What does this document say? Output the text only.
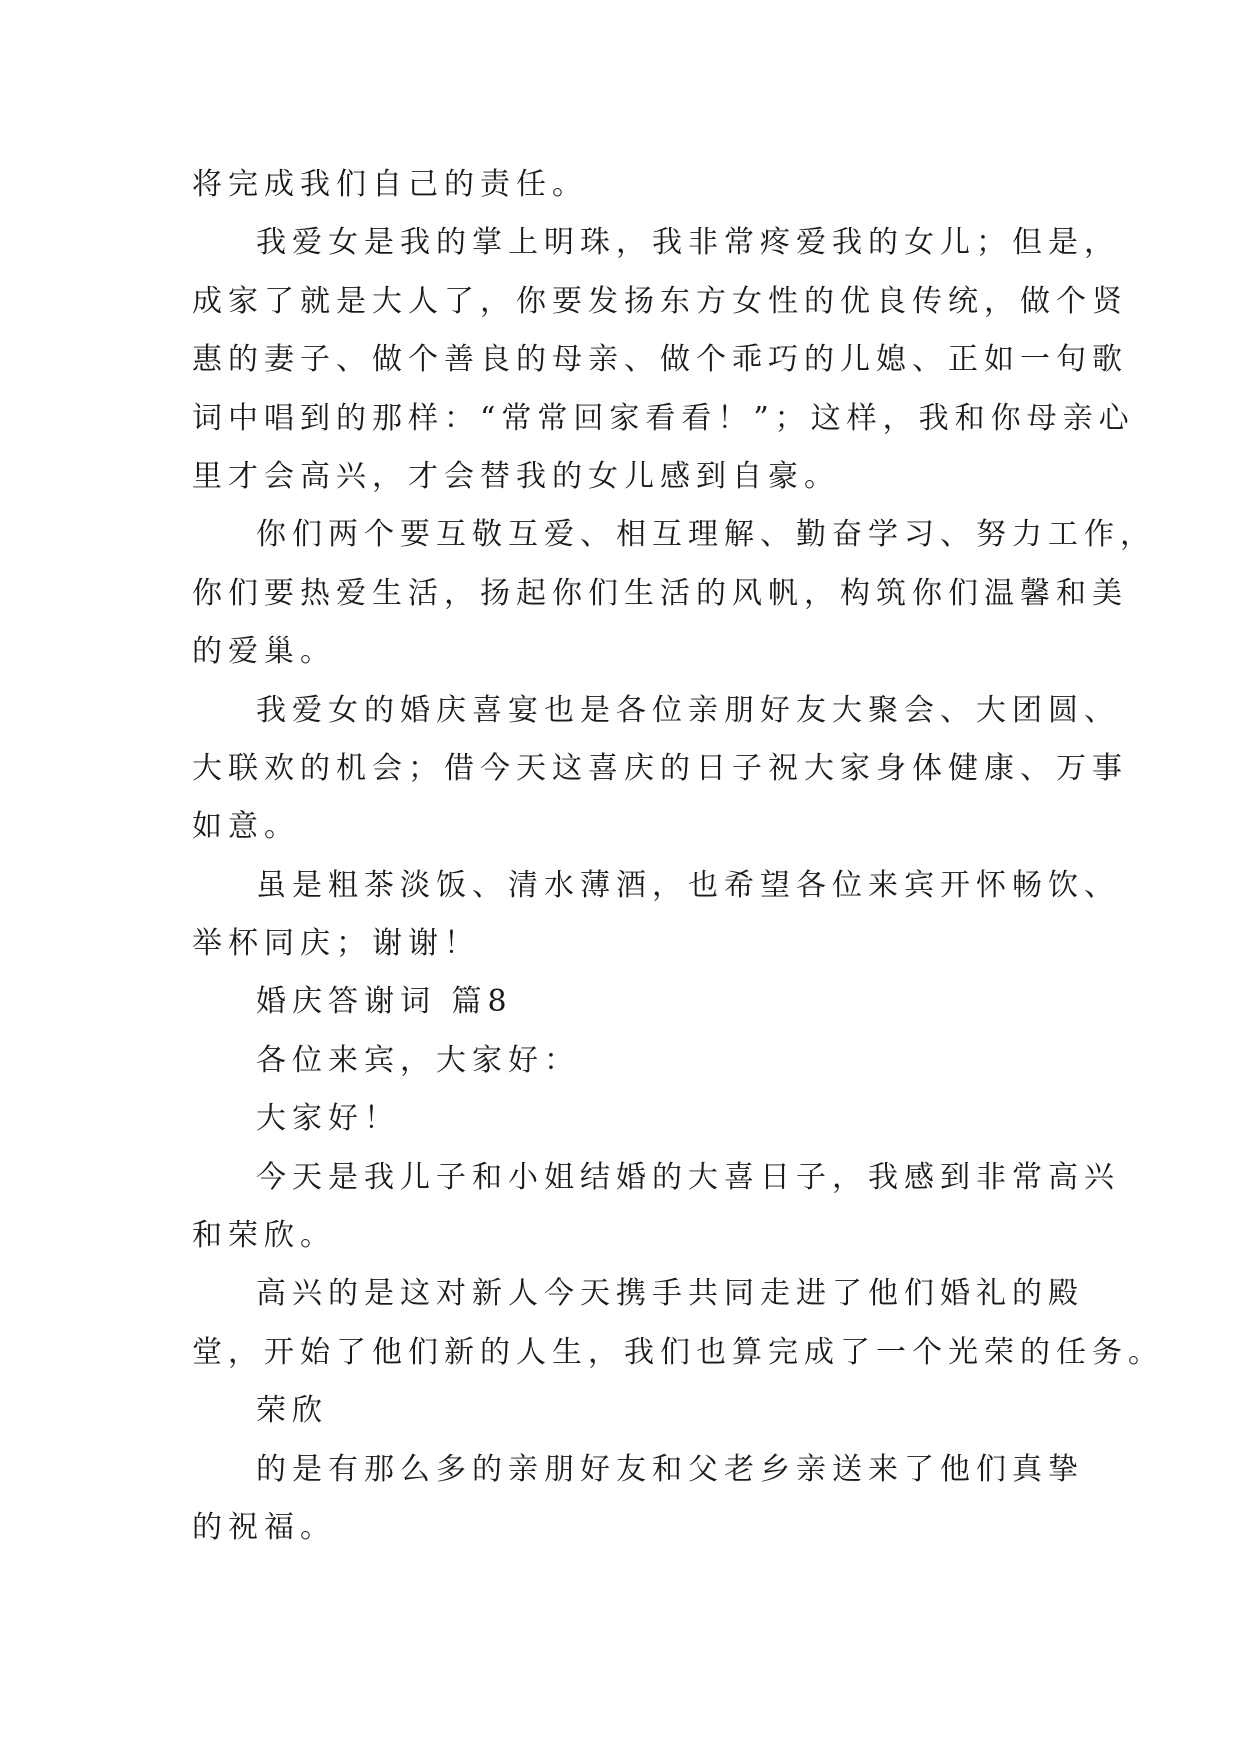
将完成我们自己的责任。
我爱女是我的掌上明珠，我非常疼爱我的女儿；但是，
成家了就是大人了，你要发扬东方女性的优良传统，做个贤
惠的妻子、做个善良的母亲、做个乖巧的儿媳、正如一句歌
词中唱到的那样：“常常回家看看！”；这样，我和你母亲心
里才会高兴，才会替我的女儿感到自豪。
你们两个要互敬互爱、相互理解、勤奋学习、努力工作，
你们要热爱生活，扬起你们生活的风帆，构筑你们温馨和美
的爱巢。
我爱女的婚庆喜宴也是各位亲朋好友大聚会、大团圆、
大联欢的机会；借今天这喜庆的日子祝大家身体健康、万事
如意。
虽是粗茶淡饭、清水薄酒，也希望各位来宾开怀畅饮、
举杯同庆；谢谢！
婚庆答谢词 篇8
各位来宾，大家好：
大家好！
今天是我儿子和小姐结婚的大喜日子，我感到非常高兴
和荣欣。
高兴的是这对新人今天携手共同走进了他们婚礼的殿
堂，开始了他们新的人生，我们也算完成了一个光荣的任务。
荣欣
的是有那么多的亲朋好友和父老乡亲送来了他们真挚
的祝福。
